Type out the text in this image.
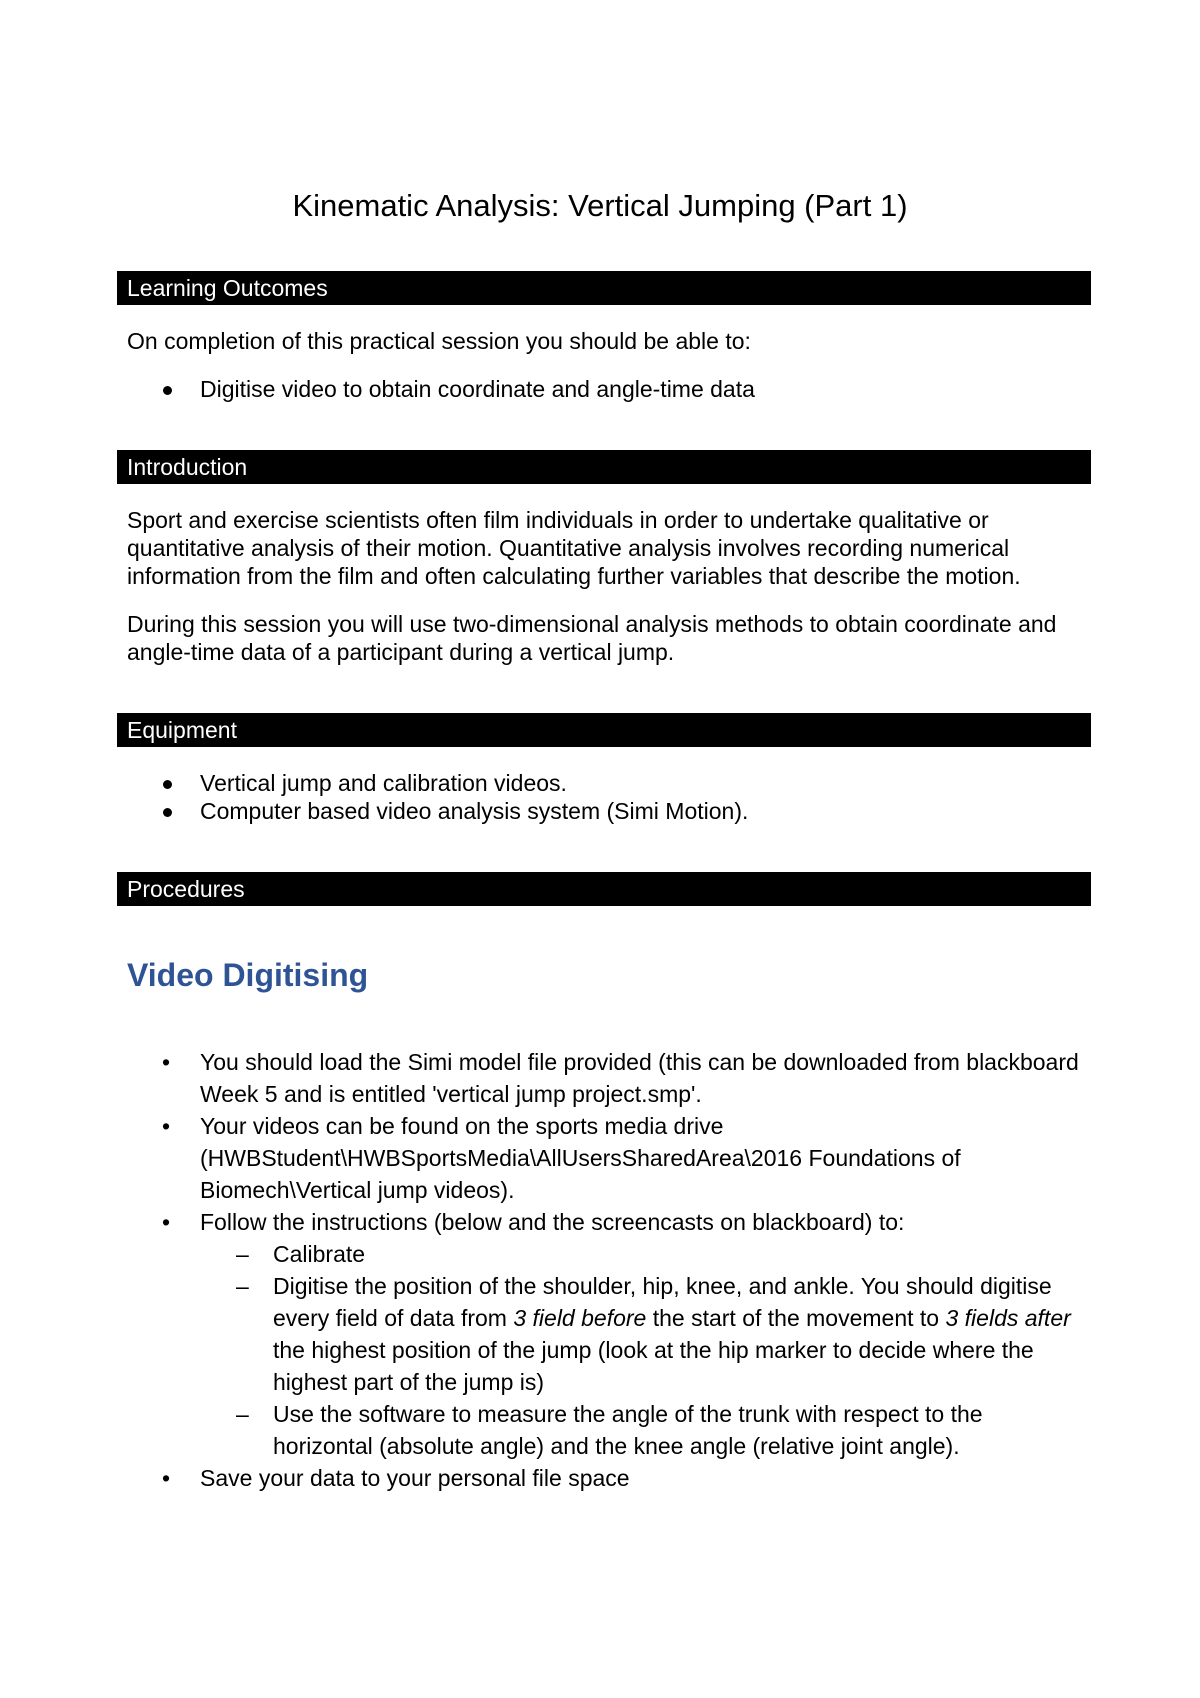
Kinematic Analysis: Vertical Jumping (Part 1)
Learning Outcomes

On completion of this practical session you should be able to:

Digitise video to obtain coordinate and angle-time data
Introduction

Sport and exercise scientists often film individuals in order to undertake qualitative or quantitative analysis of their motion. Quantitative analysis involves recording numerical information from the film and often calculating further variables that describe the motion.

During this session you will use two-dimensional analysis methods to obtain coordinate and angle-time data of a participant during a vertical jump.

Equipment
Vertical jump and calibration videos.
Computer based video analysis system (Simi Motion).
Procedures
Video Digitising
• You should load the Simi model file provided (this can be downloaded from blackboard Week 5 and is entitled 'vertical jump project.smp'.
• Your videos can be found on the sports media drive (HWBStudent\HWBSportsMedia\AllUsersSharedArea\2016 Foundations of Biomech\Vertical jump videos).
• Follow the instructions (below and the screencasts on blackboard) to:
– Calibrate
– Digitise the position of the shoulder, hip, knee, and ankle. You should digitise every field of data from 3 field before the start of the movement to 3 fields after the highest position of the jump (look at the hip marker to decide where the highest part of the jump is)
– Use the software to measure the angle of the trunk with respect to the horizontal (absolute angle) and the knee angle (relative joint angle).
• Save your data to your personal file space
